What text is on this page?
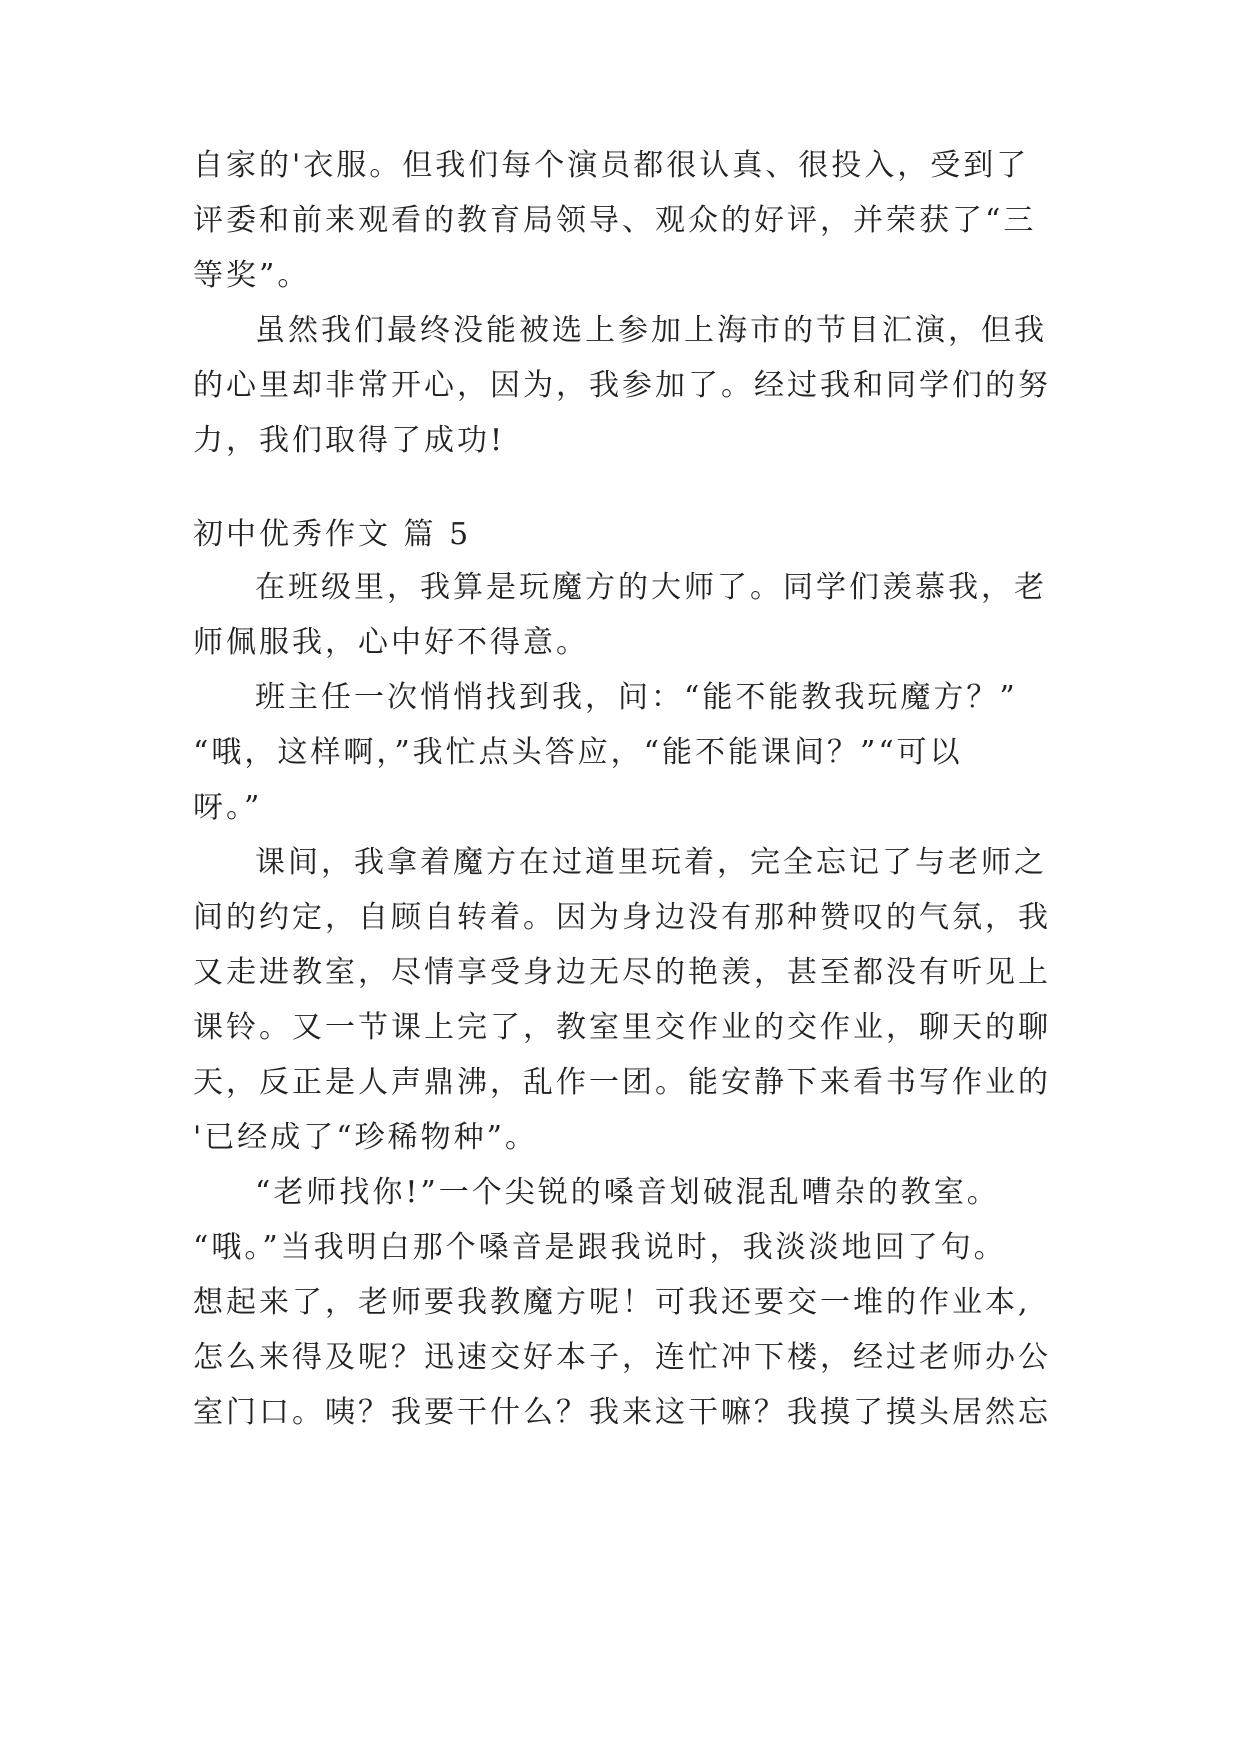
自家的'衣服。但我们每个演员都很认真、很投入，受到了
评委和前来观看的教育局领导、观众的好评，并荣获了“三
等奖”。
虽然我们最终没能被选上参加上海市的节目汇演，但我
的心里却非常开心，因为，我参加了。经过我和同学们的努
力，我们取得了成功!
初中优秀作文 篇 5
在班级里，我算是玩魔方的大师了。同学们羡慕我，老
师佩服我，心中好不得意。
班主任一次悄悄找到我，问：“能不能教我玩魔方？”
“哦，这样啊，”我忙点头答应，“能不能课间？”“可以
呀。”
课间，我拿着魔方在过道里玩着，完全忘记了与老师之
间的约定，自顾自转着。因为身边没有那种赞叹的气氛，我
又走进教室，尽情享受身边无尽的艳羡，甚至都没有听见上
课铃。又一节课上完了，教室里交作业的交作业，聊天的聊
天，反正是人声鼎沸，乱作一团。能安静下来看书写作业的
'已经成了“珍稀物种”。
“老师找你!”一个尖锐的嗓音划破混乱嘈杂的教室。
“哦。”当我明白那个嗓音是跟我说时，我淡淡地回了句。
想起来了，老师要我教魔方呢！可我还要交一堆的作业本,
怎么来得及呢？迅速交好本子，连忙冲下楼，经过老师办公
室门口。咦？我要干什么？我来这干嘛？我摸了摸头居然忘
